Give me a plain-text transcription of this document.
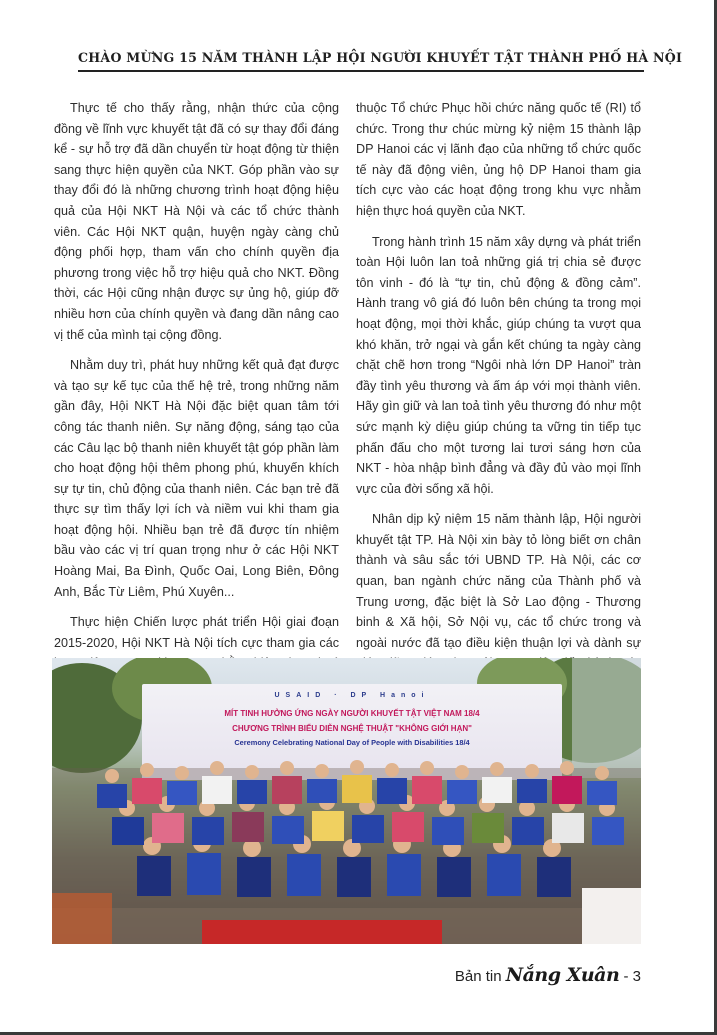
CHÀO MỪNG 15 NĂM THÀNH LẬP HỘI NGƯỜI KHUYẾT TẬT THÀNH PHỐ HÀ NỘI

Thực tế cho thấy rằng, nhận thức của cộng đồng về lĩnh vực khuyết tật đã có sự thay đổi đáng kể - sự hỗ trợ đã dần chuyển từ hoạt động từ thiện sang thực hiện quyền của NKT. Góp phần vào sự thay đổi đó là những chương trình hoạt động hiệu quả của Hội NKT Hà Nội và các tổ chức thành viên. Các Hội NKT quận, huyện ngày càng chủ động phối hợp, tham vấn cho chính quyền địa phương trong việc hỗ trợ hiệu quả cho NKT. Đồng thời, các Hội cũng nhận được sự ủng hộ, giúp đỡ nhiều hơn của chính quyền và đang dần nâng cao vị thế của mình tại cộng đồng.

Nhằm duy trì, phát huy những kết quả đạt được và tạo sự kế tục của thế hệ trẻ, trong những năm gần đây, Hội NKT Hà Nội đặc biệt quan tâm tới công tác thanh niên. Sự năng động, sáng tạo của các Câu lạc bộ thanh niên khuyết tật góp phần làm cho hoạt động hội thêm phong phú, khuyến khích sự tự tin, chủ động của thanh niên. Các bạn trẻ đã thực sự tìm thấy lợi ích và niềm vui khi tham gia hoạt động hội. Nhiều bạn trẻ đã được tín nhiệm bầu vào các vị trí quan trọng như ở các Hội NKT Hoàng Mai, Ba Đình, Quốc Oai, Long Biên, Đông Anh, Bắc Từ Liêm, Phú Xuyên...

Thực hiện Chiến lược phát triển Hội giai đoạn 2015-2020, Hội NKT Hà Nội tích cực tham gia các

thuộc Tổ chức Phục hồi chức năng quốc tế (RI) tổ chức. Trong thư chúc mừng kỷ niệm 15 thành lập DP Hanoi các vị lãnh đạo của những tổ chức quốc tế này đã động viên, ủng hộ DP Hanoi tham gia tích cực vào các hoạt động trong khu vực nhằm hiện thực hoá quyền của NKT.

Trong hành trình 15 năm xây dựng và phát triển toàn Hội luôn lan toả những giá trị chia sẻ được tôn vinh - đó là “tự tin, chủ động & đồng cảm”. Hành trang vô giá đó luôn bên chúng ta trong mọi hoạt động, mọi thời khắc, giúp chúng ta vượt qua khó khăn, trở ngại và gắn kết chúng ta ngày càng chặt chẽ hơn trong “Ngôi nhà lớn DP Hanoi” tràn đầy tình yêu thương và ấm áp với mọi thành viên. Hãy gìn giữ và lan toả tình yêu thương đó như một sức mạnh kỳ diệu giúp chúng ta vững tin tiếp tục phấn đấu cho một tương lai tươi sáng hơn của NKT - hòa nhập bình đẳng và đầy đủ vào mọi lĩnh vực của đời sống xã hội.

Nhân dịp kỷ niệm 15 năm thành lập, Hội người khuyết tật TP. Hà Nội xin bày tỏ lòng biết ơn chân thành và sâu sắc tới UBND TP. Hà Nội, các cơ quan, ban ngành chức năng của Thành phố và Trung ương, đặc biệt là Sở Lao động - Thương binh & Xã hội, Sở Nội vụ, các tổ chức trong và ngoài nước đã tạo điều kiện thuận lợi và dành sự

USAID · DP Hanoi
MÍT TINH HƯỞNG ỨNG NGÀY NGƯỜI KHUYẾT TẬT VIỆT NAM 18/4
CHƯƠNG TRÌNH BIỂU DIỄN NGHỆ THUẬT "KHÔNG GIỚI HẠN"
Ceremony Celebrating National Day of People with Disabilities 18/4
Bản tin Nắng Xuân - 3
